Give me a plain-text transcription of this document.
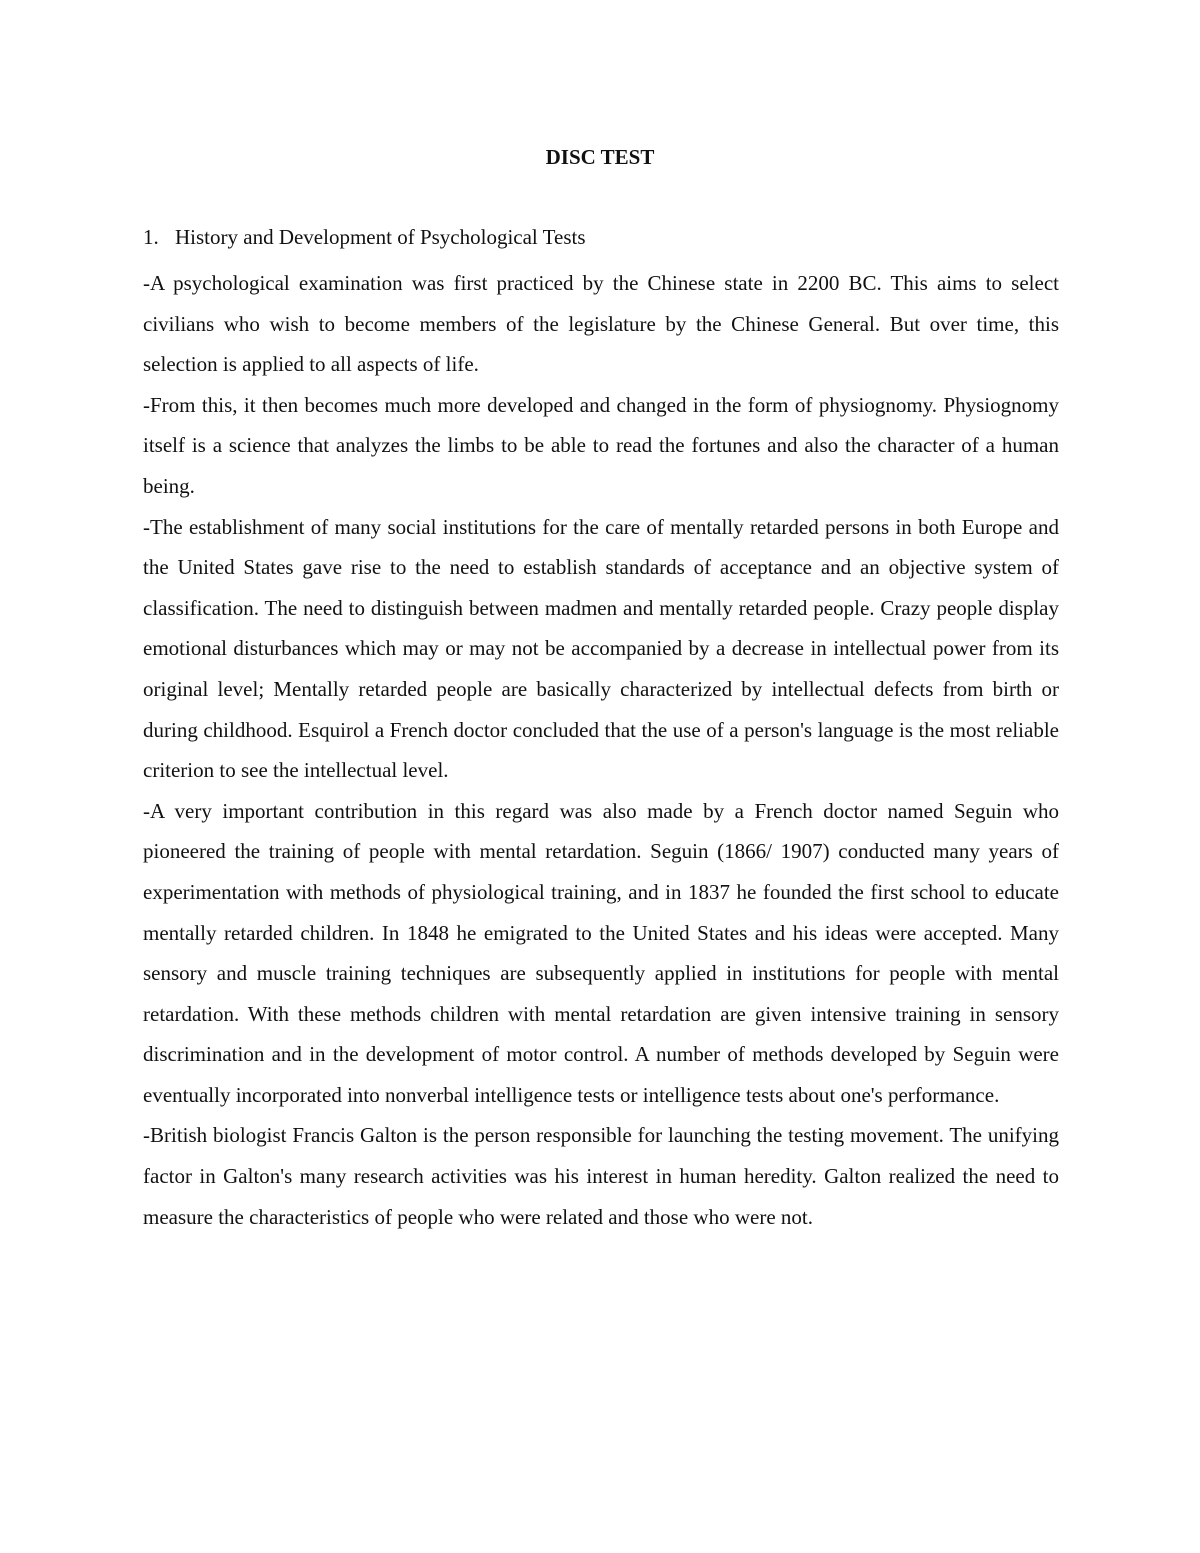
DISC TEST
1. History and Development of Psychological Tests

-A psychological examination was first practiced by the Chinese state in 2200 BC. This aims to select civilians who wish to become members of the legislature by the Chinese General. But over time, this selection is applied to all aspects of life.

-From this, it then becomes much more developed and changed in the form of physiognomy. Physiognomy itself is a science that analyzes the limbs to be able to read the fortunes and also the character of a human being.

-The establishment of many social institutions for the care of mentally retarded persons in both Europe and the United States gave rise to the need to establish standards of acceptance and an objective system of classification. The need to distinguish between madmen and mentally retarded people. Crazy people display emotional disturbances which may or may not be accompanied by a decrease in intellectual power from its original level; Mentally retarded people are basically characterized by intellectual defects from birth or during childhood. Esquirol a French doctor concluded that the use of a person's language is the most reliable criterion to see the intellectual level.

-A very important contribution in this regard was also made by a French doctor named Seguin who pioneered the training of people with mental retardation. Seguin (1866/ 1907) conducted many years of experimentation with methods of physiological training, and in 1837 he founded the first school to educate mentally retarded children. In 1848 he emigrated to the United States and his ideas were accepted. Many sensory and muscle training techniques are subsequently applied in institutions for people with mental retardation. With these methods children with mental retardation are given intensive training in sensory discrimination and in the development of motor control. A number of methods developed by Seguin were eventually incorporated into nonverbal intelligence tests or intelligence tests about one's performance.

-British biologist Francis Galton is the person responsible for launching the testing movement. The unifying factor in Galton's many research activities was his interest in human heredity. Galton realized the need to measure the characteristics of people who were related and those who were not.
